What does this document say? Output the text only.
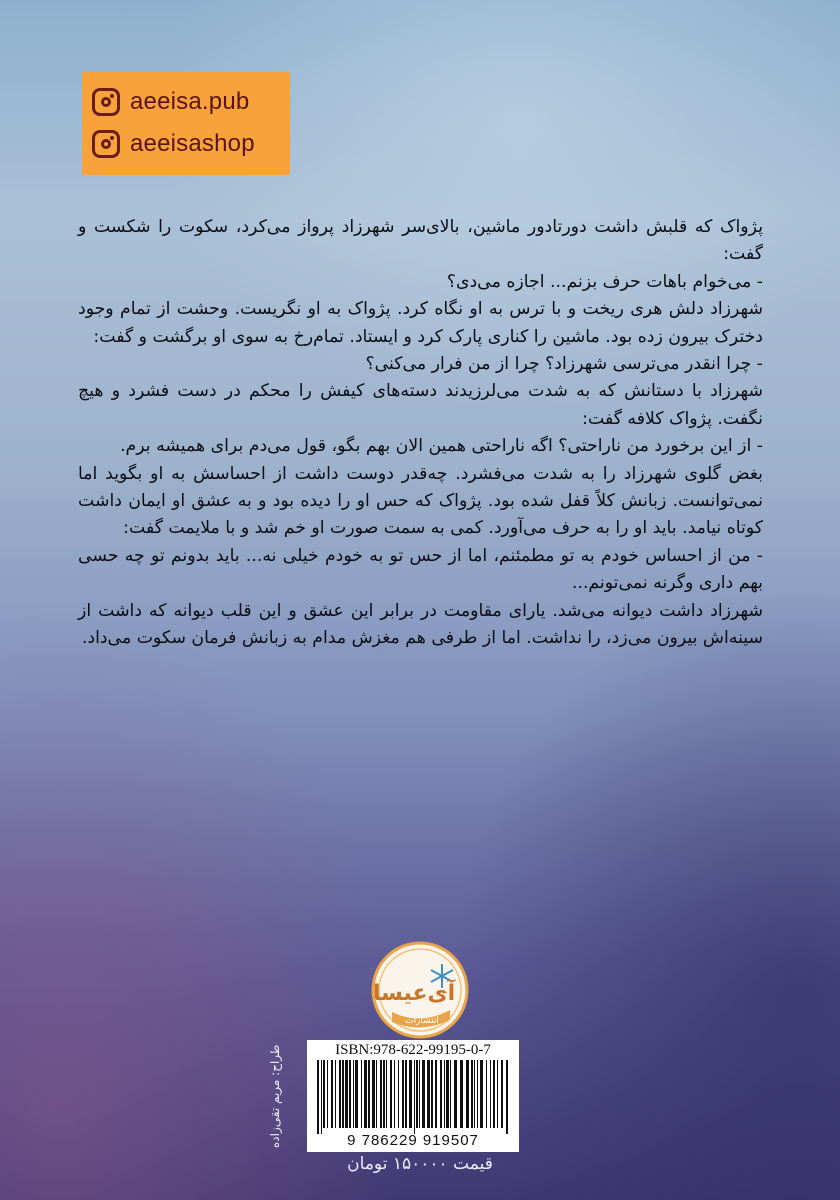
aeeisa.pub
aeeisashop

پژواک که قلبش داشت دورتادور ماشین، بالای‌سر شهرزاد پرواز می‌کرد، سکوت را شکست و گفت:

- می‌خوام باهات حرف بزنم... اجازه می‌دی؟

شهرزاد دلش هری ریخت و با ترس به او نگاه کرد. پژواک به او نگریست. وحشت از تمام وجود دخترک بیرون زده بود. ماشین را کناری پارک کرد و ایستاد. تمام‌رخ به سوی او برگشت و گفت:

- چرا انقدر می‌ترسی شهرزاد؟ چرا از من فرار می‌کنی؟

شهرزاد با دستانش که به شدت می‌لرزیدند دسته‌های کیفش را محکم در دست فشرد و هیچ نگفت. پژواک کلافه گفت:

- از این برخورد من ناراحتی؟ اگه ناراحتی همین الان بهم بگو، قول می‌دم برای همیشه برم.

بغض گلوی شهرزاد را به شدت می‌فشرد. چه‌قدر دوست داشت از احساسش به او بگوید اما نمی‌توانست. زبانش کلاً قفل شده بود. پژواک که حس او را دیده بود و به عشق او ایمان داشت کوتاه نیامد. باید او را به حرف می‌آورد. کمی به سمت صورت او خم شد و با ملایمت گفت:

- من از احساس خودم به تو مطمئنم، اما از حس تو به خودم خیلی نه... باید بدونم تو چه حسی بهم داری وگرنه نمی‌تونم...

شهرزاد داشت دیوانه می‌شد. یارای مقاومت در برابر این عشق و این قلب دیوانه که داشت از سینه‌اش بیرون می‌زد، را نداشت. اما از طرفی هم مغزش مدام به زبانش فرمان سکوت می‌داد.

آی‌عیسا
انتشارات
طراح: مریم تقی‌زاده	ISBN:978-622-99195-0-7
9 786229 919507
قیمت ۱۵۰۰۰۰ تومان
